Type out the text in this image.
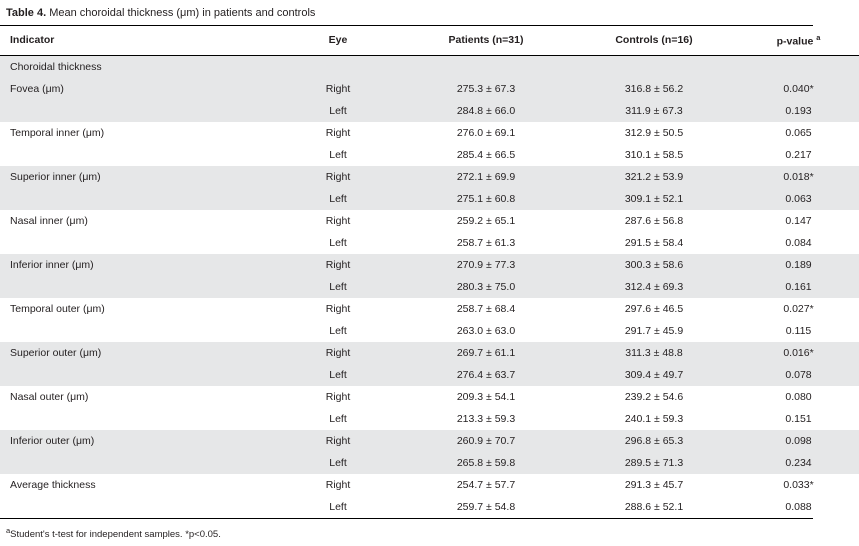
Table 4. Mean choroidal thickness (μm) in patients and controls
Indicator	Eye	Patients (n=31)	Controls (n=16)	p-value $^a$
Choroidal thickness				
Fovea (μm)	Right	275.3 ± 67.3	316.8 ± 56.2	0.040*
	Left	284.8 ± 66.0	311.9 ± 67.3	0.193
Temporal inner (μm)	Right	276.0 ± 69.1	312.9 ± 50.5	0.065
	Left	285.4 ± 66.5	310.1 ± 58.5	0.217
Superior inner (μm)	Right	272.1 ± 69.9	321.2 ± 53.9	0.018*
	Left	275.1 ± 60.8	309.1 ± 52.1	0.063
Nasal inner (μm)	Right	259.2 ± 65.1	287.6 ± 56.8	0.147
	Left	258.7 ± 61.3	291.5 ± 58.4	0.084
Inferior inner (μm)	Right	270.9 ± 77.3	300.3 ± 58.6	0.189
	Left	280.3 ± 75.0	312.4 ± 69.3	0.161
Temporal outer (μm)	Right	258.7 ± 68.4	297.6 ± 46.5	0.027*
	Left	263.0 ± 63.0	291.7 ± 45.9	0.115
Superior outer (μm)	Right	269.7 ± 61.1	311.3 ± 48.8	0.016*
	Left	276.4 ± 63.7	309.4 ± 49.7	0.078
Nasal outer (μm)	Right	209.3 ± 54.1	239.2 ± 54.6	0.080
	Left	213.3 ± 59.3	240.1 ± 59.3	0.151
Inferior outer (μm)	Right	260.9 ± 70.7	296.8 ± 65.3	0.098
	Left	265.8 ± 59.8	289.5 ± 71.3	0.234
Average thickness	Right	254.7 ± 57.7	291.3 ± 45.7	0.033*
	Left	259.7 ± 54.8	288.6 ± 52.1	0.088
$^a$Student's t-test for independent samples. *p<0.05.
